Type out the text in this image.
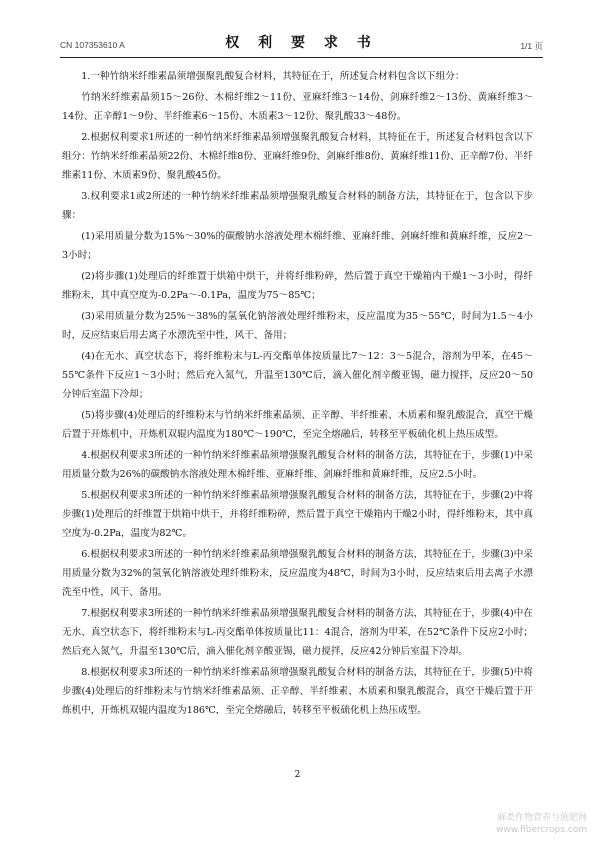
CN 107353610 A	权 利 要 求 书	1/1 页

1.一种竹纳米纤维素晶须增强聚乳酸复合材料，其特征在于，所述复合材料包含以下组分：

竹纳米纤维素晶须15～26份、木棉纤维2～11份、亚麻纤维3～14份、剑麻纤维2～13份、黄麻纤维3～14份、正辛醇1～9份、半纤维素6～15份、木质素3～12份、聚乳酸33～48份。

2.根据权利要求1所述的一种竹纳米纤维素晶须增强聚乳酸复合材料，其特征在于，所述复合材料包含以下组分：竹纳米纤维素晶须22份、木棉纤维8份、亚麻纤维9份、剑麻纤维8份、黄麻纤维11份、正辛醇7份、半纤维素11份、木质素9份、聚乳酸45份。

3.权利要求1或2所述的一种竹纳米纤维素晶须增强聚乳酸复合材料的制备方法，其特征在于，包含以下步骤：

(1)采用质量分数为15%～30%的碳酸钠水溶液处理木棉纤维、亚麻纤维、剑麻纤维和黄麻纤维，反应2～3小时；

(2)将步骤(1)处理后的纤维置于烘箱中烘干，并将纤维粉碎，然后置于真空干燥箱内干燥1～3小时，得纤维粉末，其中真空度为-0.2Pa～-0.1Pa，温度为75～85℃；

(3)采用质量分数为25%～38%的氢氧化钠溶液处理纤维粉末，反应温度为35～55℃，时间为1.5～4小时，反应结束后用去离子水漂洗至中性，风干、备用；

(4)在无水、真空状态下，将纤维粉末与L-丙交酯单体按质量比7～12：3～5混合，溶剂为甲苯，在45～55℃条件下反应1～3小时；然后充入氮气，升温至130℃后，滴入催化剂辛酸亚锡，磁力搅拌，反应20～50分钟后室温下冷却；

(5)将步骤(4)处理后的纤维粉末与竹纳米纤维素晶须、正辛醇、半纤维素、木质素和聚乳酸混合，真空干燥后置于开炼机中，开炼机双辊内温度为180℃～190℃，至完全熔融后，转移至平板硫化机上热压成型。

4.根据权利要求3所述的一种竹纳米纤维素晶须增强聚乳酸复合材料的制备方法，其特征在于，步骤(1)中采用质量分数为26%的碳酸钠水溶液处理木棉纤维、亚麻纤维、剑麻纤维和黄麻纤维，反应2.5小时。

5.根据权利要求3所述的一种竹纳米纤维素晶须增强聚乳酸复合材料的制备方法，其特征在于，步骤(2)中将步骤(1)处理后的纤维置于烘箱中烘干，并将纤维粉碎，然后置于真空干燥箱内干燥2小时，得纤维粉末，其中真空度为-0.2Pa，温度为82℃。

6.根据权利要求3所述的一种竹纳米纤维素晶须增强聚乳酸复合材料的制备方法，其特征在于，步骤(3)中采用质量分数为32%的氢氧化钠溶液处理纤维粉末，反应温度为48℃，时间为3小时，反应结束后用去离子水漂洗至中性，风干、备用。

7.根据权利要求3所述的一种竹纳米纤维素晶须增强聚乳酸复合材料的制备方法，其特征在于，步骤(4)中在无水、真空状态下，将纤维粉末与L-丙交酯单体按质量比11：4混合，溶剂为甲苯，在52℃条件下反应2小时；然后充入氮气，升温至130℃后，滴入催化剂辛酸亚锡，磁力搅拌，反应42分钟后室温下冷却。

8.根据权利要求3所述的一种竹纳米纤维素晶须增强聚乳酸复合材料的制备方法，其特征在于，步骤(5)中将步骤(4)处理后的纤维粉末与竹纳米纤维素晶须、正辛醇、半纤维素、木质素和聚乳酸混合，真空干燥后置于开炼机中，开炼机双辊内温度为186℃，至完全熔融后，转移至平板硫化机上热压成型。

2
麻类作物营养与施肥网
www.fibercrops.com
